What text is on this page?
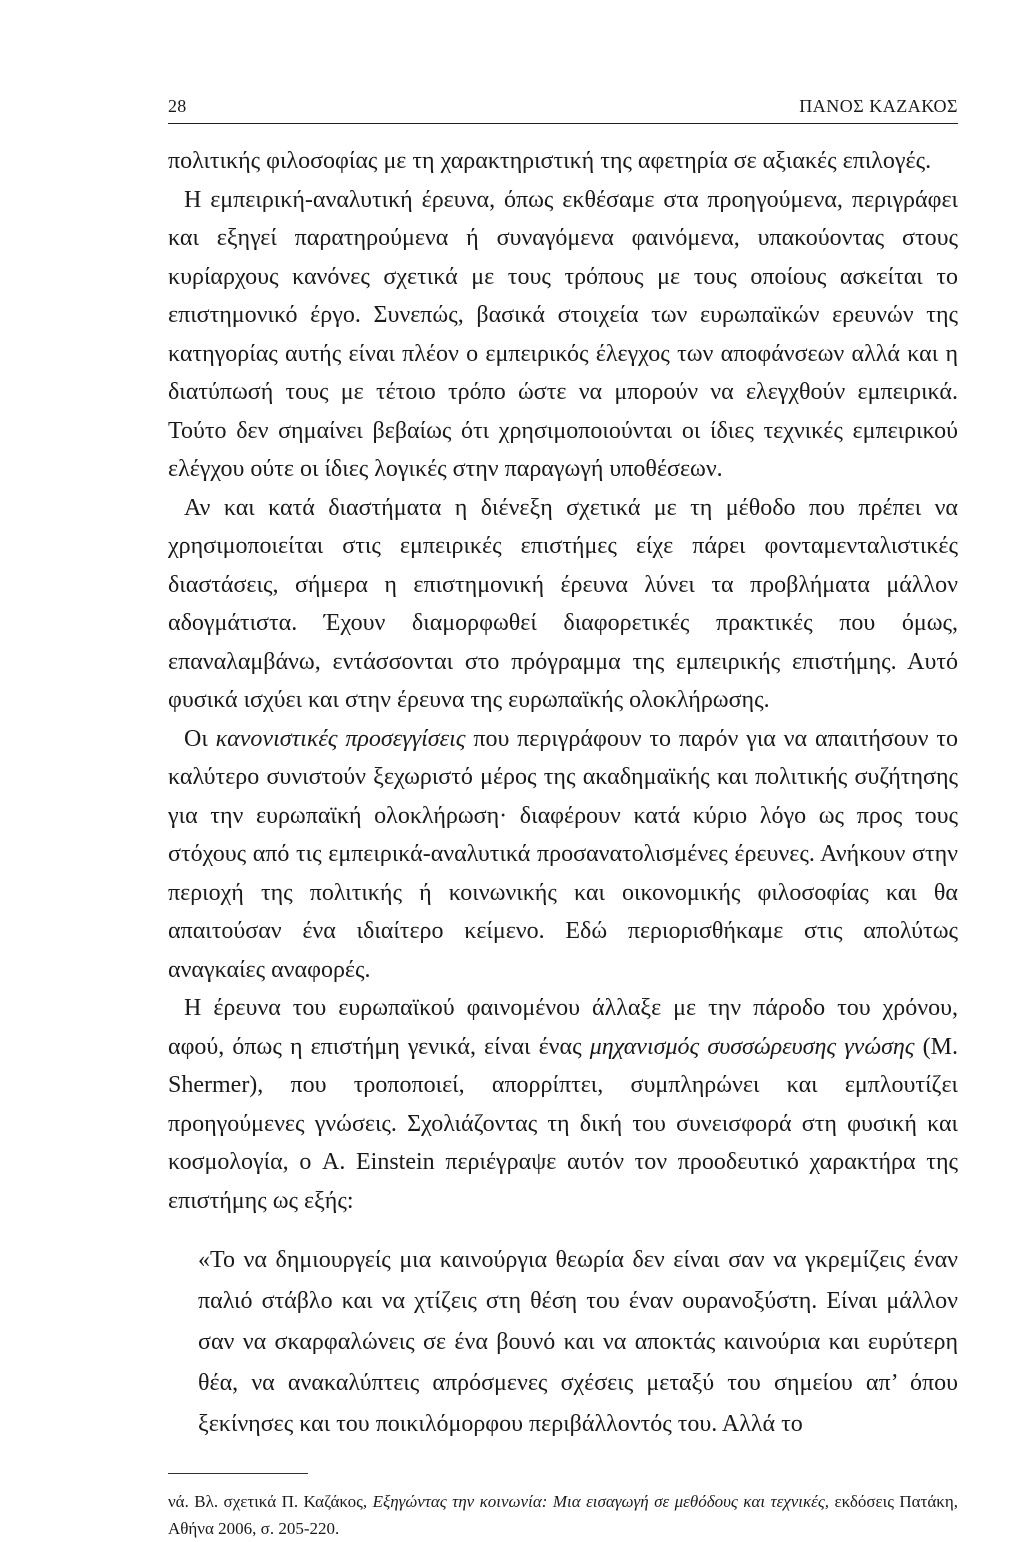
28	ΠΑΝΟΣ ΚΑΖΑΚΟΣ

πολιτικής φιλοσοφίας με τη χαρακτηριστική της αφετηρία σε αξιακές επιλογές.

Η εμπειρική-αναλυτική έρευνα, όπως εκθέσαμε στα προηγούμενα, περιγράφει και εξηγεί παρατηρούμενα ή συναγόμενα φαινόμενα, υπακούοντας στους κυρίαρχους κανόνες σχετικά με τους τρόπους με τους οποίους ασκείται το επιστημονικό έργο. Συνεπώς, βασικά στοιχεία των ευρωπαϊκών ερευνών της κατηγορίας αυτής είναι πλέον ο εμπειρικός έλεγχος των αποφάνσεων αλλά και η διατύπωσή τους με τέτοιο τρόπο ώστε να μπορούν να ελεγχθούν εμπειρικά. Τούτο δεν σημαίνει βεβαίως ότι χρησιμοποιούνται οι ίδιες τεχνικές εμπειρικού ελέγχου ούτε οι ίδιες λογικές στην παραγωγή υποθέσεων.

Αν και κατά διαστήματα η διένεξη σχετικά με τη μέθοδο που πρέπει να χρησιμοποιείται στις εμπειρικές επιστήμες είχε πάρει φονταμενταλιστικές διαστάσεις, σήμερα η επιστημονική έρευνα λύνει τα προβλήματα μάλλον αδογμάτιστα. Έχουν διαμορφωθεί διαφορετικές πρακτικές που όμως, επαναλαμβάνω, εντάσσονται στο πρόγραμμα της εμπειρικής επιστήμης. Αυτό φυσικά ισχύει και στην έρευνα της ευρωπαϊκής ολοκλήρωσης.

Οι κανονιστικές προσεγγίσεις που περιγράφουν το παρόν για να απαιτήσουν το καλύτερο συνιστούν ξεχωριστό μέρος της ακαδημαϊκής και πολιτικής συζήτησης για την ευρωπαϊκή ολοκλήρωση· διαφέρουν κατά κύριο λόγο ως προς τους στόχους από τις εμπειρικά-αναλυτικά προσανατολισμένες έρευνες. Ανήκουν στην περιοχή της πολιτικής ή κοινωνικής και οικονομικής φιλοσοφίας και θα απαιτούσαν ένα ιδιαίτερο κείμενο. Εδώ περιορισθήκαμε στις απολύτως αναγκαίες αναφορές.

Η έρευνα του ευρωπαϊκού φαινομένου άλλαξε με την πάροδο του χρόνου, αφού, όπως η επιστήμη γενικά, είναι ένας μηχανισμός συσσώρευσης γνώσης (M. Shermer), που τροποποιεί, απορρίπτει, συμπληρώνει και εμπλουτίζει προηγούμενες γνώσεις. Σχολιάζοντας τη δική του συνεισφορά στη φυσική και κοσμολογία, ο A. Einstein περιέγραψε αυτόν τον προοδευτικό χαρακτήρα της επιστήμης ως εξής:

«Το να δημιουργείς μια καινούργια θεωρία δεν είναι σαν να γκρεμίζεις έναν παλιό στάβλο και να χτίζεις στη θέση του έναν ουρανοξύστη. Είναι μάλλον σαν να σκαρφαλώνεις σε ένα βουνό και να αποκτάς καινούρια και ευρύτερη θέα, να ανακαλύπτεις απρόσμενες σχέσεις μεταξύ του σημείου απ’ όπου ξεκίνησες και του ποικιλόμορφου περιβάλλοντός του. Αλλά το

νά. Βλ. σχετικά Π. Καζάκος, Εξηγώντας την κοινωνία: Μια εισαγωγή σε μεθόδους και τεχνικές, εκδόσεις Πατάκη, Αθήνα 2006, σ. 205-220.
